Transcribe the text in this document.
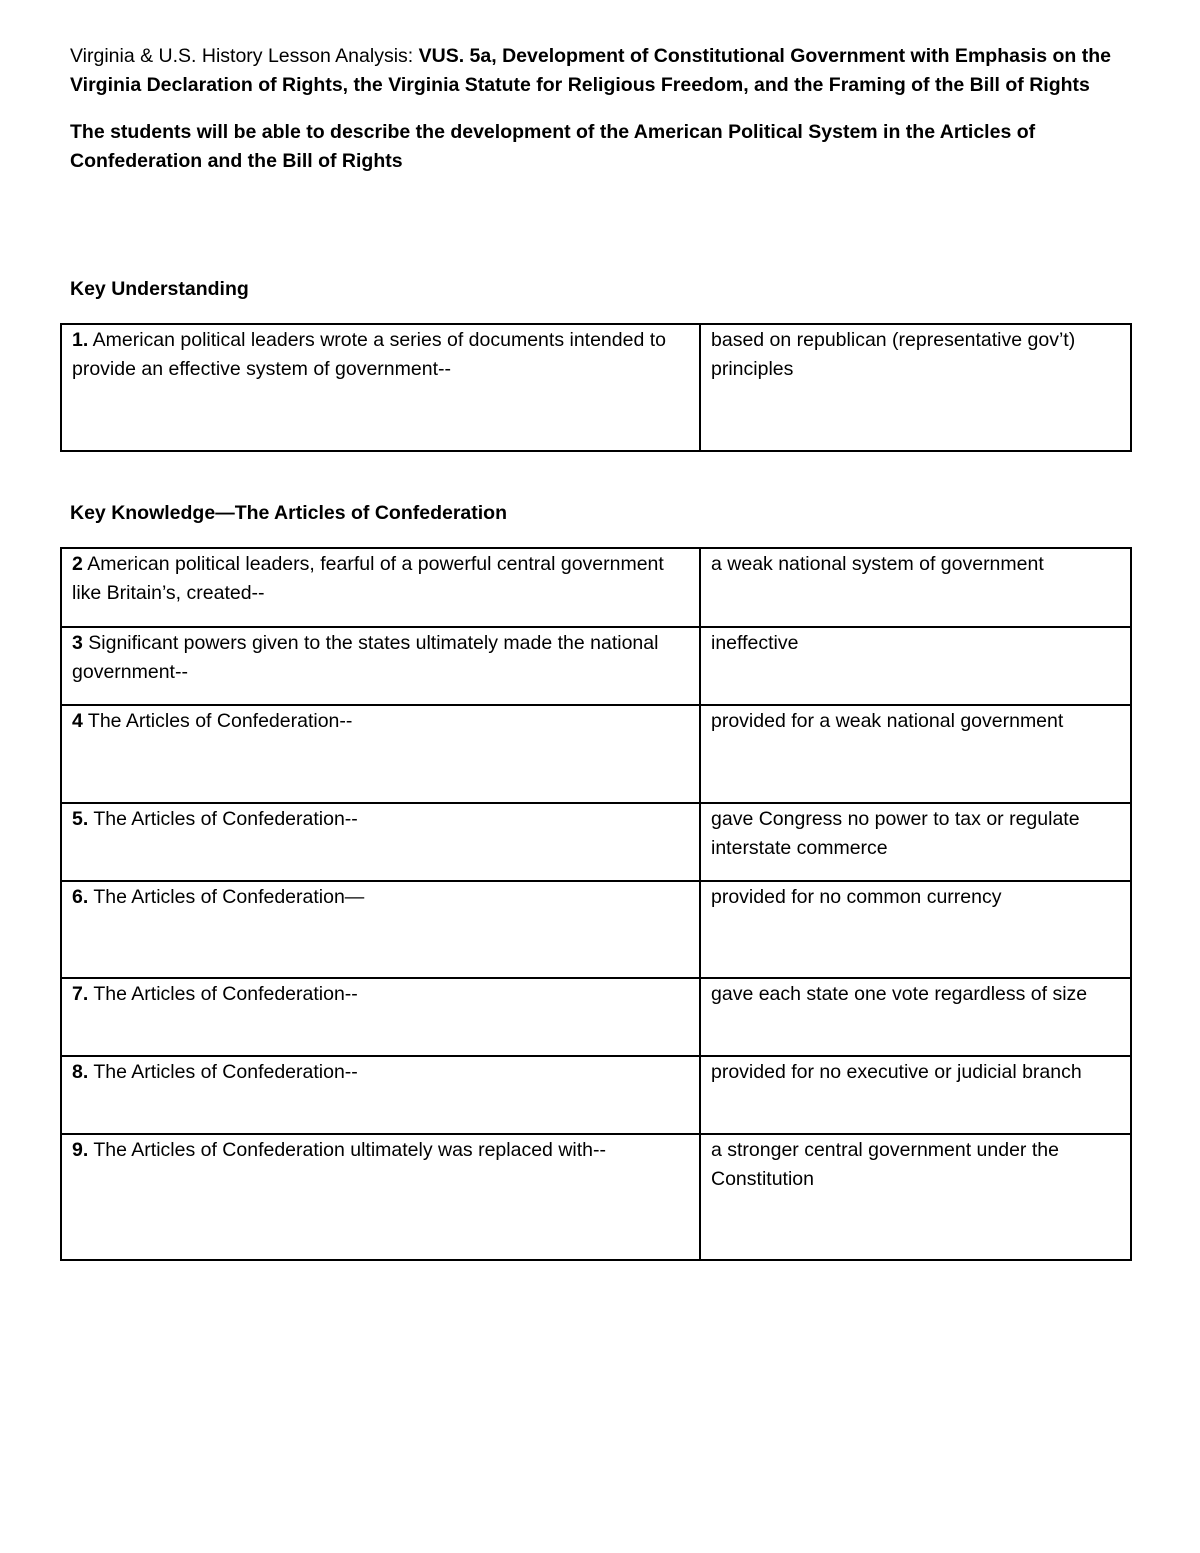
Virginia & U.S. History Lesson Analysis: VUS. 5a, Development of Constitutional Government with Emphasis on the Virginia Declaration of Rights, the Virginia Statute for Religious Freedom, and the Framing of the Bill of Rights

The students will be able to describe the development of the American Political System in the Articles of Confederation and the Bill of Rights

Key Understanding
1. American political leaders wrote a series of documents intended to provide an effective system of government--	based on republican (representative gov’t) principles
Key Knowledge—The Articles of Confederation
2 American political leaders, fearful of a powerful central government like Britain’s, created--	a weak national system of government
3 Significant powers given to the states ultimately made the national government--	ineffective
4 The Articles of Confederation--	provided for a weak national government
5. The Articles of Confederation--	gave Congress no power to tax or regulate interstate commerce
6. The Articles of Confederation—	provided for no common currency
7. The Articles of Confederation--	gave each state one vote regardless of size
8. The Articles of Confederation--	provided for no executive or judicial branch
9. The Articles of Confederation ultimately was replaced with--	a stronger central government under the Constitution
